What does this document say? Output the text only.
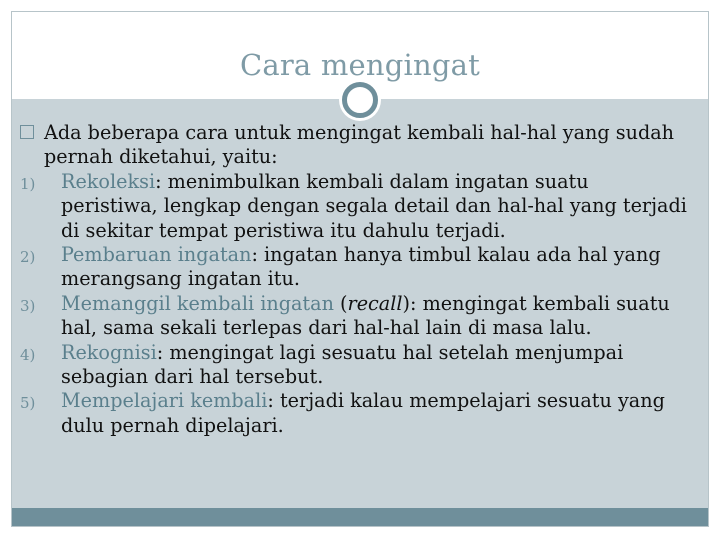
Cara mengingat
Ada beberapa cara untuk mengingat kembali hal-hal yang sudah pernah diketahui, yaitu:
1) Rekoleksi: menimbulkan kembali dalam ingatan suatu peristiwa, lengkap dengan segala detail dan hal-hal yang terjadi di sekitar tempat peristiwa itu dahulu terjadi.
2) Pembaruan ingatan: ingatan hanya timbul kalau ada hal yang merangsang ingatan itu.
3) Memanggil kembali ingatan (recall): mengingat kembali suatu hal, sama sekali terlepas dari hal-hal lain di masa lalu.
4) Rekognisi: mengingat lagi sesuatu hal setelah menjumpai sebagian dari hal tersebut.
5) Mempelajari kembali: terjadi kalau mempelajari sesuatu yang dulu pernah dipelajari.
